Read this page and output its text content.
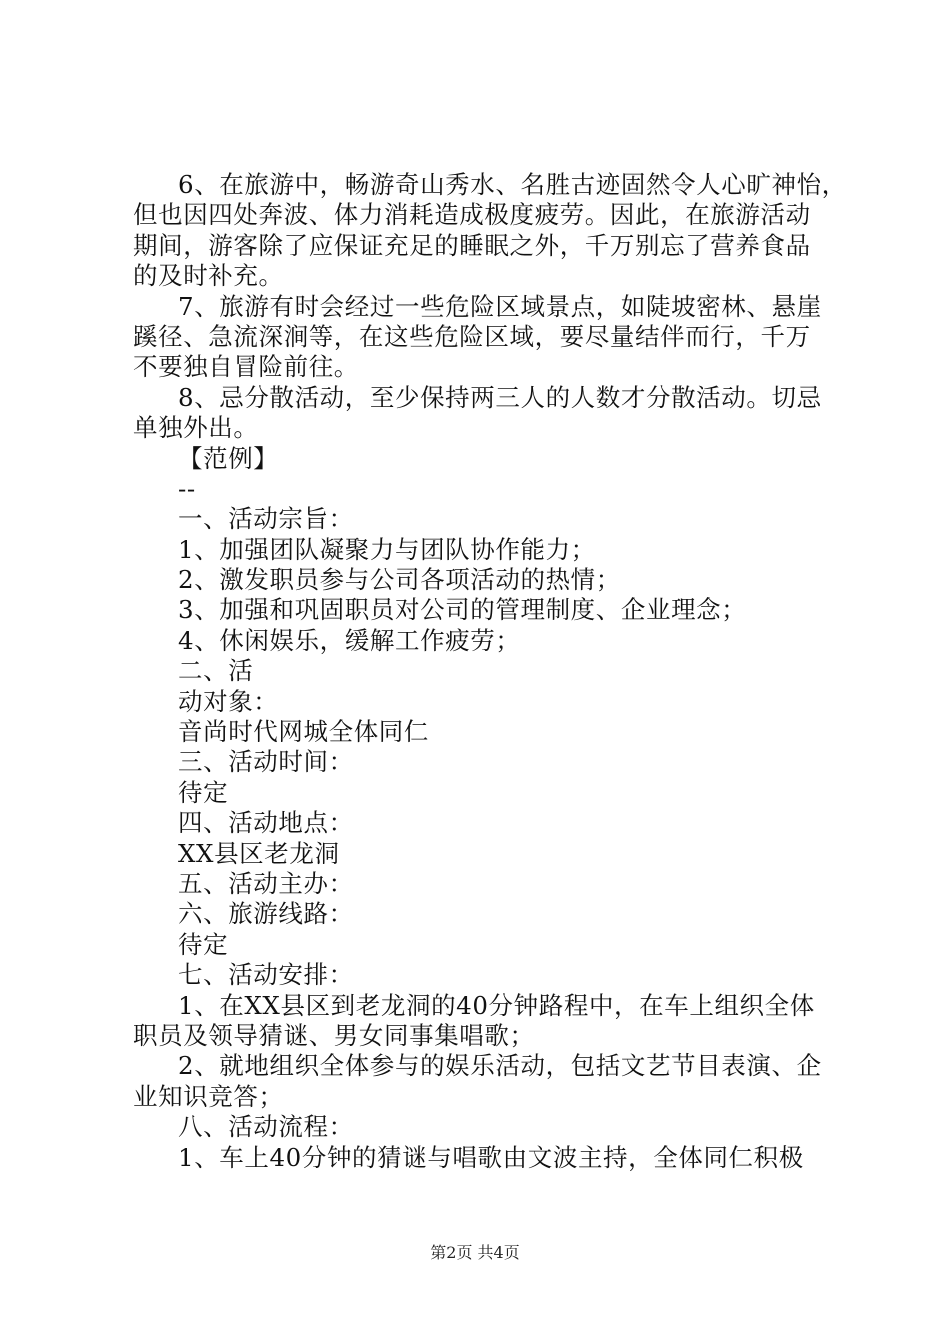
6、在旅游中，畅游奇山秀水、名胜古迹固然令人心旷神怡，
但也因四处奔波、体力消耗造成极度疲劳。因此，在旅游活动
期间，游客除了应保证充足的睡眠之外，千万别忘了营养食品
的及时补充。
7、旅游有时会经过一些危险区域景点，如陡坡密林、悬崖
蹊径、急流深涧等，在这些危险区域，要尽量结伴而行，千万
不要独自冒险前往。
8、忌分散活动，至少保持两三人的人数才分散活动。切忌
单独外出。
【范例】
--
一、活动宗旨：
1、加强团队凝聚力与团队协作能力；
2、激发职员参与公司各项活动的热情；
3、加强和巩固职员对公司的管理制度、企业理念；
4、休闲娱乐，缓解工作疲劳；
二、活
动对象：
音尚时代网城全体同仁
三、活动时间：
待定
四、活动地点：
XX县区老龙洞
五、活动主办：
六、旅游线路：
待定
七、活动安排：
1、在XX县区到老龙洞的40分钟路程中，在车上组织全体
职员及领导猜谜、男女同事集唱歌；
2、就地组织全体参与的娱乐活动，包括文艺节目表演、企
业知识竞答；
八、活动流程：
1、车上40分钟的猜谜与唱歌由文波主持，全体同仁积极
第2页 共4页
